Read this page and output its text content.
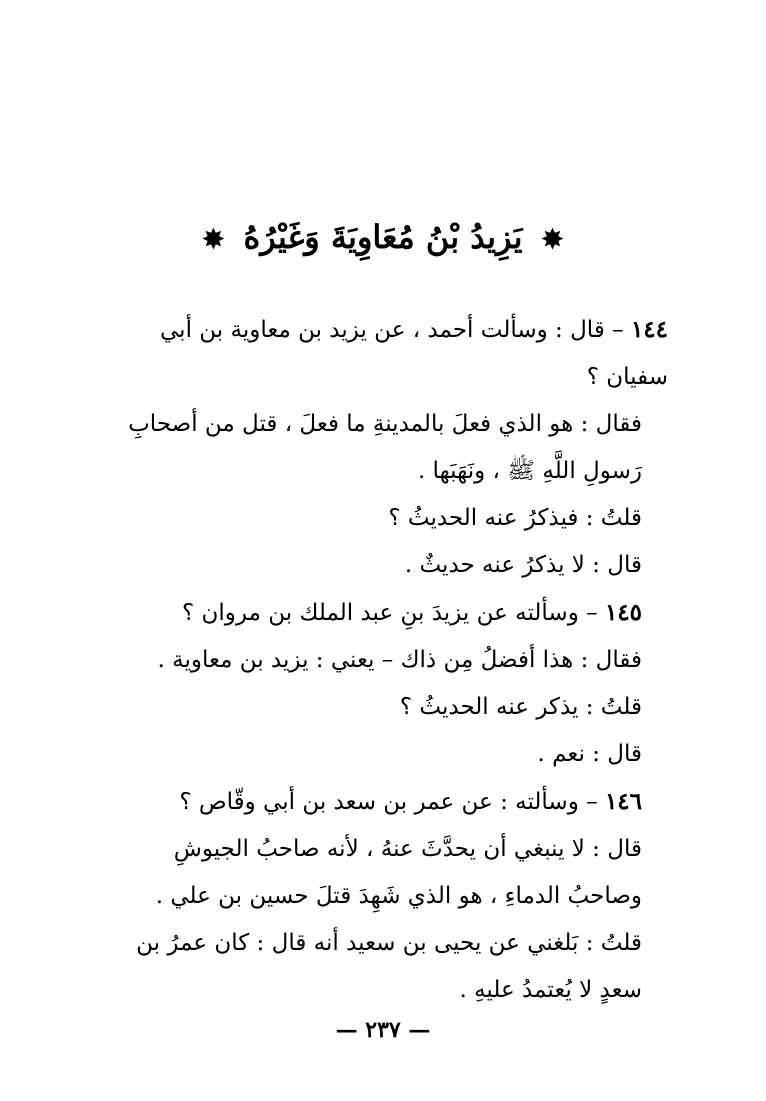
✸ يَزِيدُ بْنُ مُعَاوِيَةَ وَغَيْرُهُ ✸

١٤٤ – قال : وسألت أحمد ، عن يزيد بن معاوية بن أبي سفيان ؟

فقال : هو الذي فعلَ بالمدينةِ ما فعلَ ، قتل من أصحابِ رَسولِ اللَّهِ ﷺ ، ونَهَبَها .

قلتُ : فيذكرُ عنه الحديثُ ؟

قال : لا يذكرُ عنه حديثٌ .

١٤٥ – وسألته عن يزيدَ بنِ عبد الملك بن مروان ؟

فقال : هذا أفضلُ مِن ذاك – يعني : يزيد بن معاوية .

قلتُ : يذكر عنه الحديثُ ؟

قال : نعم .

١٤٦ – وسألته : عن عمر بن سعد بن أبي وقّاص ؟

قال : لا ينبغي أن يحدَّثَ عنهُ ، لأنه صاحبُ الجيوشِ وصاحبُ الدماءِ ، هو الذي شَهِدَ قتلَ حسين بن علي .

قلتُ : بَلغني عن يحيى بن سعيد أنه قال : كان عمرُ بن سعدٍ لا يُعتمدُ عليهِ .

— ٢٣٧ —
